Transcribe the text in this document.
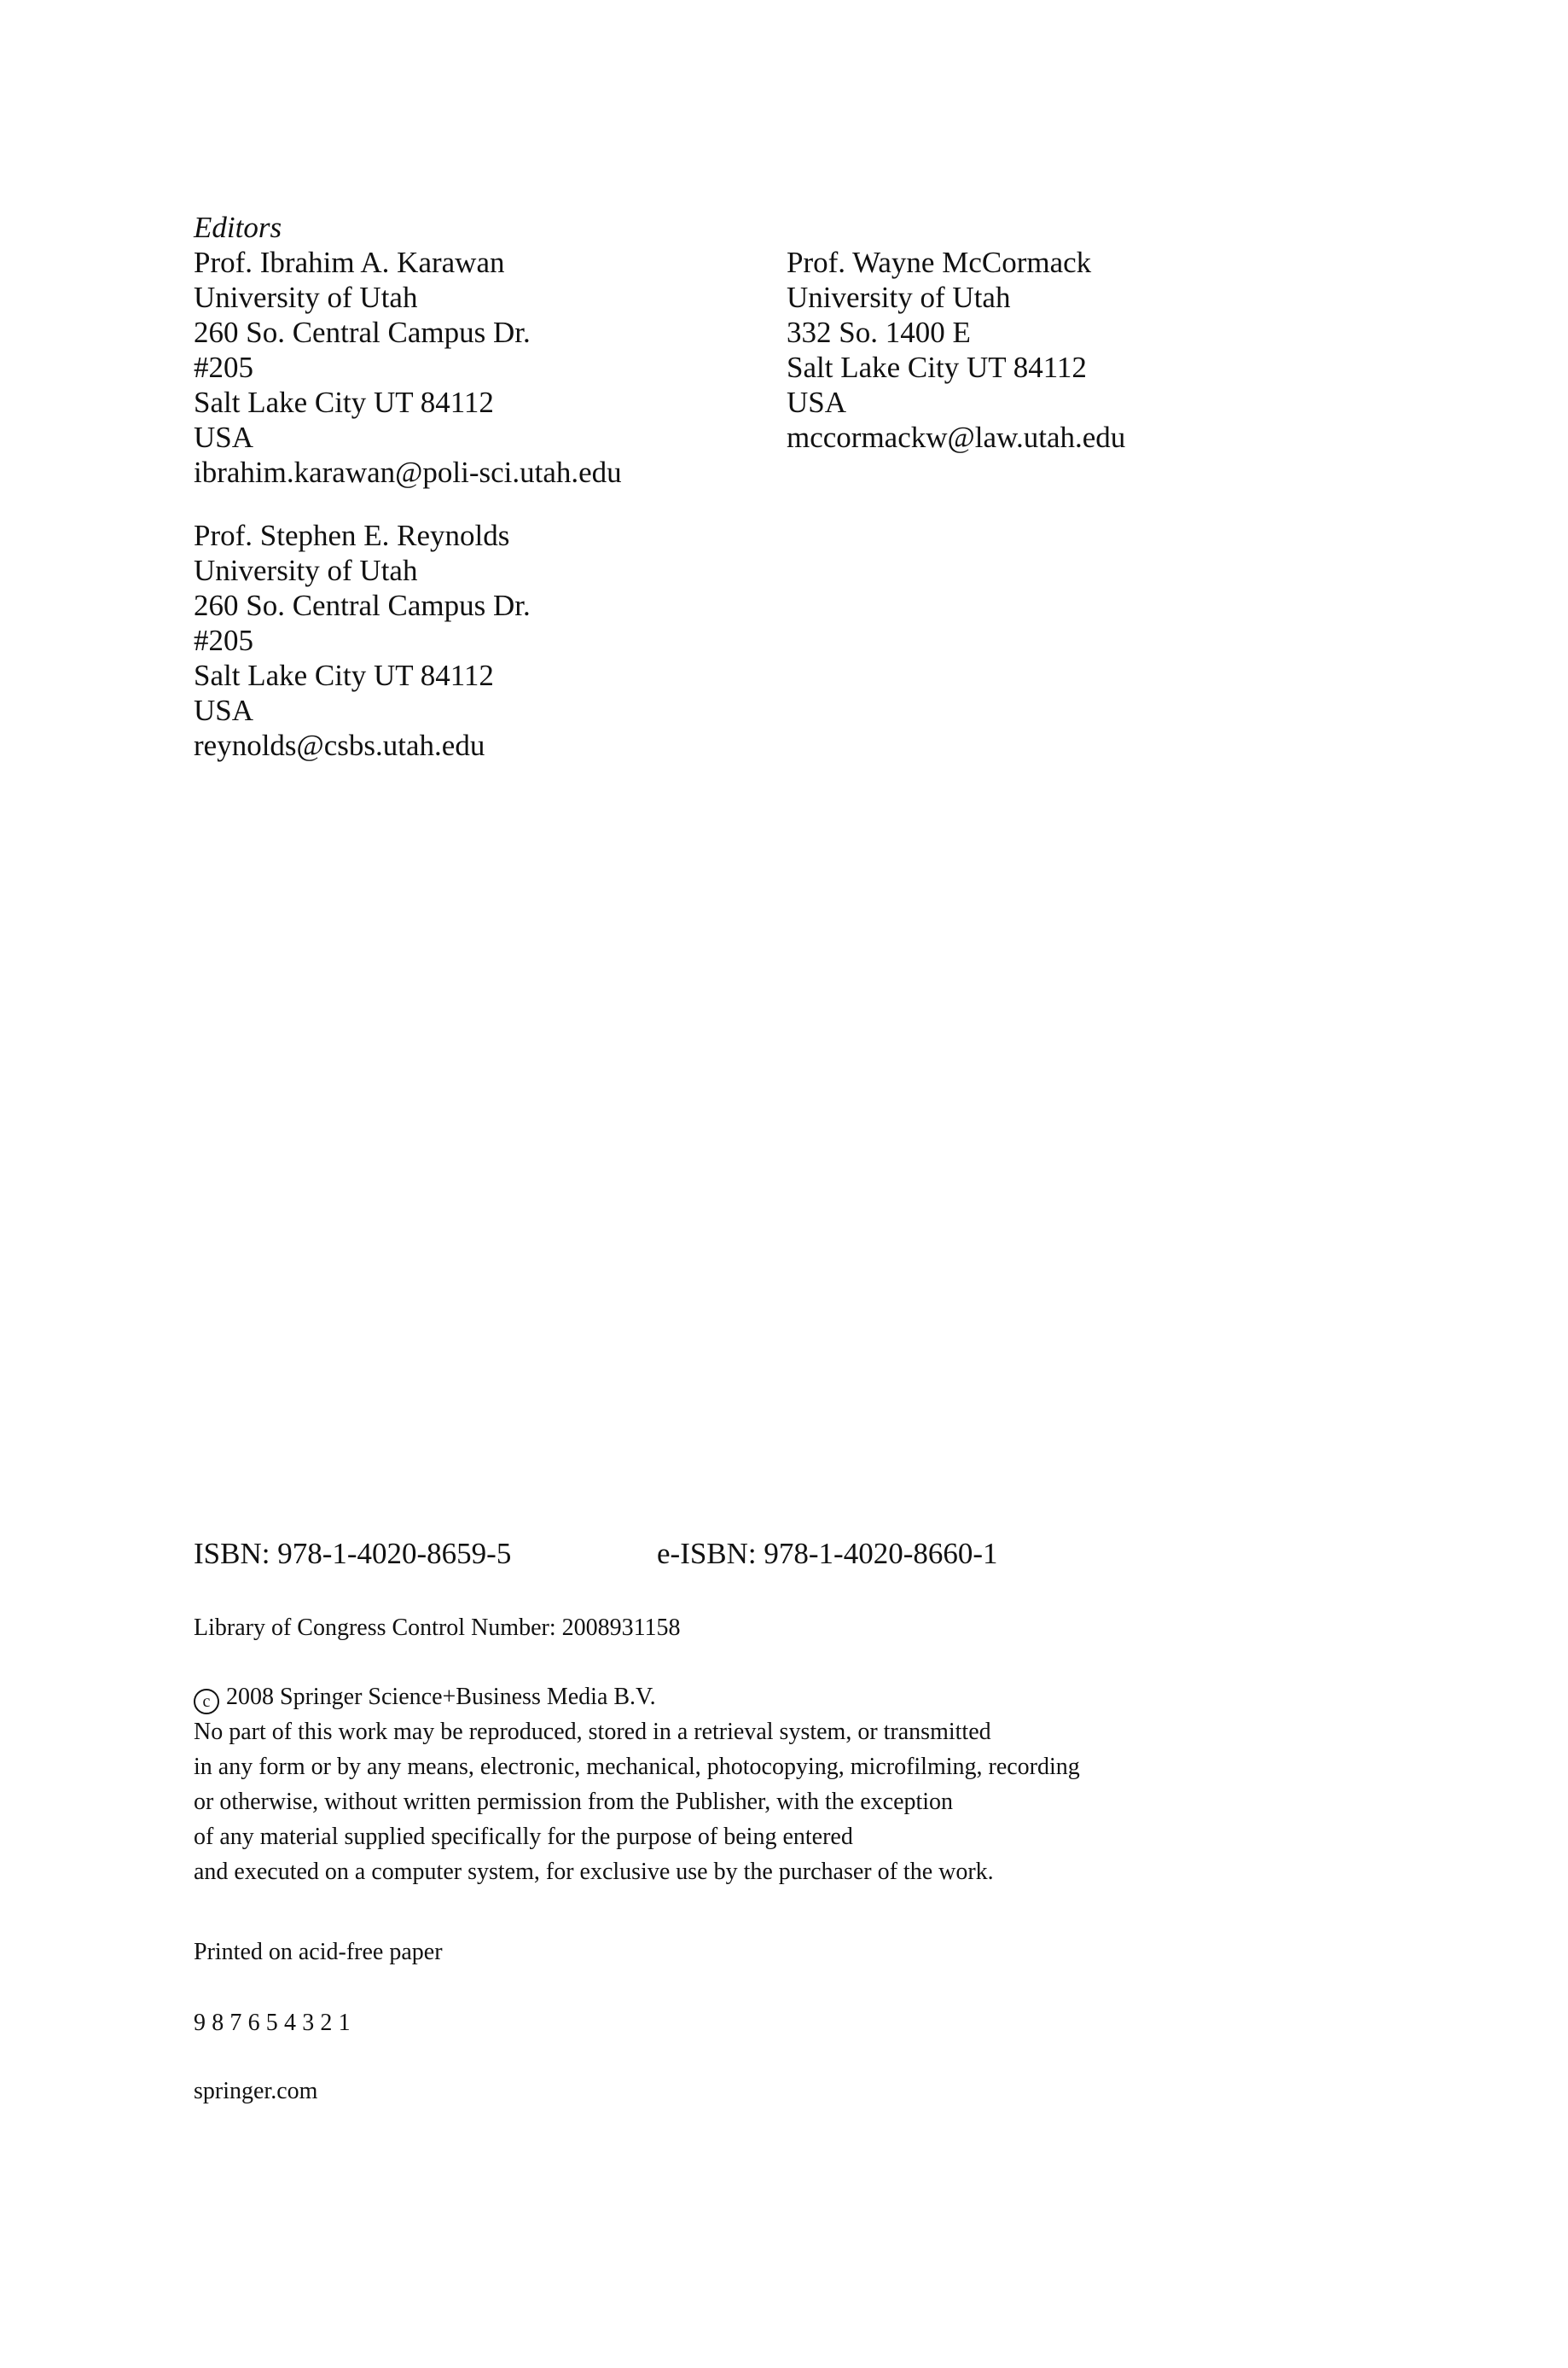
Editors
Prof. Ibrahim A. Karawan
University of Utah
260 So. Central Campus Dr.
#205
Salt Lake City UT 84112
USA
ibrahim.karawan@poli-sci.utah.edu
Prof. Wayne McCormack
University of Utah
332 So. 1400 E
Salt Lake City UT 84112
USA
mccormackw@law.utah.edu
Prof. Stephen E. Reynolds
University of Utah
260 So. Central Campus Dr.
#205
Salt Lake City UT 84112
USA
reynolds@csbs.utah.edu
ISBN: 978-1-4020-8659-5	e-ISBN: 978-1-4020-8660-1
Library of Congress Control Number: 2008931158
c 2008 Springer Science+Business Media B.V.
No part of this work may be reproduced, stored in a retrieval system, or transmitted
in any form or by any means, electronic, mechanical, photocopying, microfilming, recording
or otherwise, without written permission from the Publisher, with the exception
of any material supplied specifically for the purpose of being entered
and executed on a computer system, for exclusive use by the purchaser of the work.
Printed on acid-free paper
9 8 7 6 5 4 3 2 1
springer.com
